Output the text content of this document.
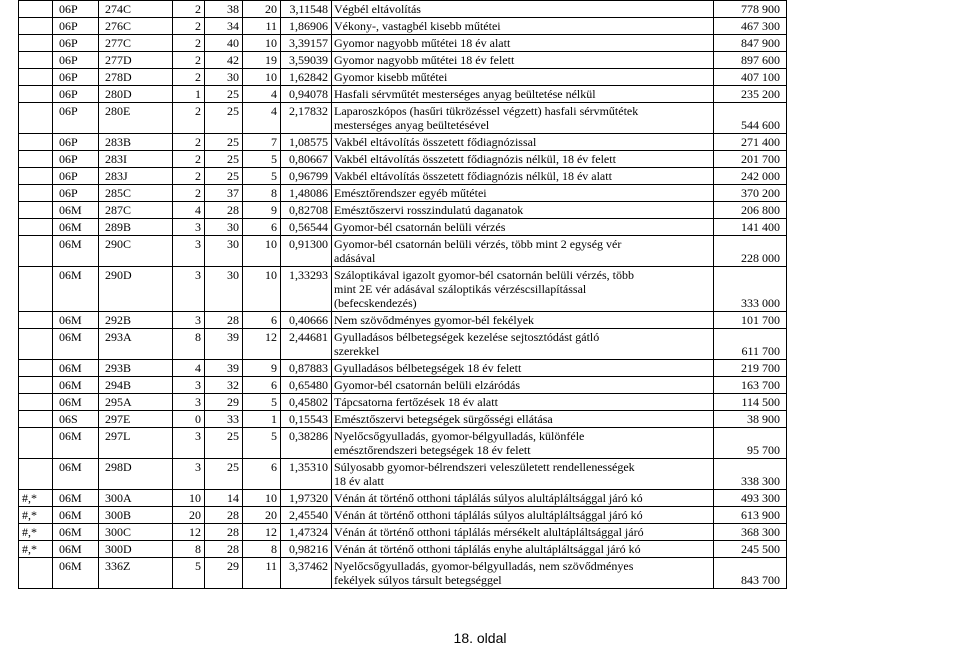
	06P	274C	2	38	20	3,11548	Végbél eltávolítás	778 900
	06P	276C	2	34	11	1,86906	Vékony-, vastagbél kisebb műtétei	467 300
	06P	277C	2	40	10	3,39157	Gyomor nagyobb műtétei 18 év alatt	847 900
	06P	277D	2	42	19	3,59039	Gyomor nagyobb műtétei 18 év felett	897 600
	06P	278D	2	30	10	1,62842	Gyomor kisebb műtétei	407 100
	06P	280D	1	25	4	0,94078	Hasfali sérvműtét mesterséges anyag beültetése nélkül	235 200
	06P	280E	2	25	4	2,17832	Laparoszkópos (hasűri tükrözéssel végzett) hasfali sérvműtétek
mesterséges anyag beültetésével	544 600
	06P	283B	2	25	7	1,08575	Vakbél eltávolítás összetett fődiagnózissal	271 400
	06P	283I	2	25	5	0,80667	Vakbél eltávolítás összetett fődiagnózis nélkül, 18 év felett	201 700
	06P	283J	2	25	5	0,96799	Vakbél eltávolítás összetett fődiagnózis nélkül, 18 év alatt	242 000
	06P	285C	2	37	8	1,48086	Emésztőrendszer egyéb műtétei	370 200
	06M	287C	4	28	9	0,82708	Emésztőszervi rosszindulatú daganatok	206 800
	06M	289B	3	30	6	0,56544	Gyomor-bél csatornán belüli vérzés	141 400
	06M	290C	3	30	10	0,91300	Gyomor-bél csatornán belüli vérzés, több mint 2 egység vér
adásával	228 000
	06M	290D	3	30	10	1,33293	Száloptikával igazolt gyomor-bél csatornán belüli vérzés, több
mint 2E vér adásával száloptikás vérzéscsillapítással
(befecskendezés)	333 000
	06M	292B	3	28	6	0,40666	Nem szövődményes gyomor-bél fekélyek	101 700
	06M	293A	8	39	12	2,44681	Gyulladásos bélbetegségek kezelése sejtosztódást gátló
szerekkel	611 700
	06M	293B	4	39	9	0,87883	Gyulladásos bélbetegségek 18 év felett	219 700
	06M	294B	3	32	6	0,65480	Gyomor-bél csatornán belüli elzáródás	163 700
	06M	295A	3	29	5	0,45802	Tápcsatorna fertőzések 18 év alatt	114 500
	06S	297E	0	33	1	0,15543	Emésztőszervi betegségek sürgősségi ellátása	38 900
	06M	297L	3	25	5	0,38286	Nyelőcsőgyulladás, gyomor-bélgyulladás, különféle
emésztőrendszeri betegségek 18 év felett	95 700
	06M	298D	3	25	6	1,35310	Súlyosabb gyomor-bélrendszeri veleszületett rendellenességek
18 év alatt	338 300
#,*	06M	300A	10	14	10	1,97320	Vénán át történő otthoni táplálás súlyos alultápláltsággal járó kó	493 300
#,*	06M	300B	20	28	20	2,45540	Vénán át történő otthoni táplálás súlyos alultápláltsággal járó kó	613 900
#,*	06M	300C	12	28	12	1,47324	Vénán át történő otthoni táplálás mérsékelt alultápláltsággal járó	368 300
#,*	06M	300D	8	28	8	0,98216	Vénán át történő otthoni táplálás enyhe alultápláltsággal járó kó	245 500
	06M	336Z	5	29	11	3,37462	Nyelőcsőgyulladás, gyomor-bélgyulladás, nem szövődményes
fekélyek súlyos társult betegséggel	843 700
18. oldal
